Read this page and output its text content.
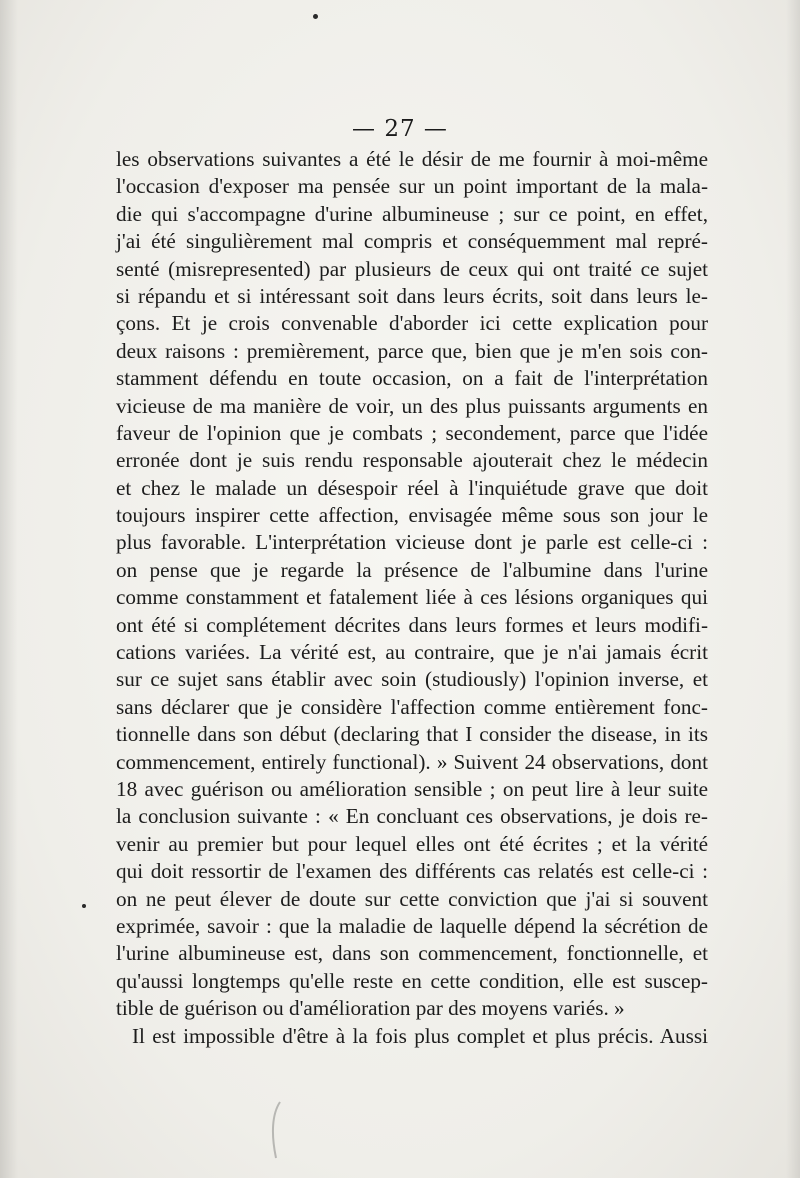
— 27 —
les observations suivantes a été le désir de me fournir à moi-même
l'occasion d'exposer ma pensée sur un point important de la mala-
die qui s'accompagne d'urine albumineuse ; sur ce point, en effet,
j'ai été singulièrement mal compris et conséquemment mal repré-
senté (misrepresented) par plusieurs de ceux qui ont traité ce sujet
si répandu et si intéressant soit dans leurs écrits, soit dans leurs le-
çons. Et je crois convenable d'aborder ici cette explication pour
deux raisons : premièrement, parce que, bien que je m'en sois con-
stamment défendu en toute occasion, on a fait de l'interprétation
vicieuse de ma manière de voir, un des plus puissants arguments en
faveur de l'opinion que je combats ; secondement, parce que l'idée
erronée dont je suis rendu responsable ajouterait chez le médecin
et chez le malade un désespoir réel à l'inquiétude grave que doit
toujours inspirer cette affection, envisagée même sous son jour le
plus favorable. L'interprétation vicieuse dont je parle est celle-ci :
on pense que je regarde la présence de l'albumine dans l'urine
comme constamment et fatalement liée à ces lésions organiques qui
ont été si complétement décrites dans leurs formes et leurs modifi-
cations variées. La vérité est, au contraire, que je n'ai jamais écrit
sur ce sujet sans établir avec soin (studiously) l'opinion inverse, et
sans déclarer que je considère l'affection comme entièrement fonc-
tionnelle dans son début (declaring that I consider the disease, in its
commencement, entirely functional). » Suivent 24 observations, dont
18 avec guérison ou amélioration sensible ; on peut lire à leur suite
la conclusion suivante : « En concluant ces observations, je dois re-
venir au premier but pour lequel elles ont été écrites ; et la vérité
qui doit ressortir de l'examen des différents cas relatés est celle-ci :
on ne peut élever de doute sur cette conviction que j'ai si souvent
exprimée, savoir : que la maladie de laquelle dépend la sécrétion de
l'urine albumineuse est, dans son commencement, fonctionnelle, et
qu'aussi longtemps qu'elle reste en cette condition, elle est suscep-
tible de guérison ou d'amélioration par des moyens variés. »
Il est impossible d'être à la fois plus complet et plus précis. Aussi
